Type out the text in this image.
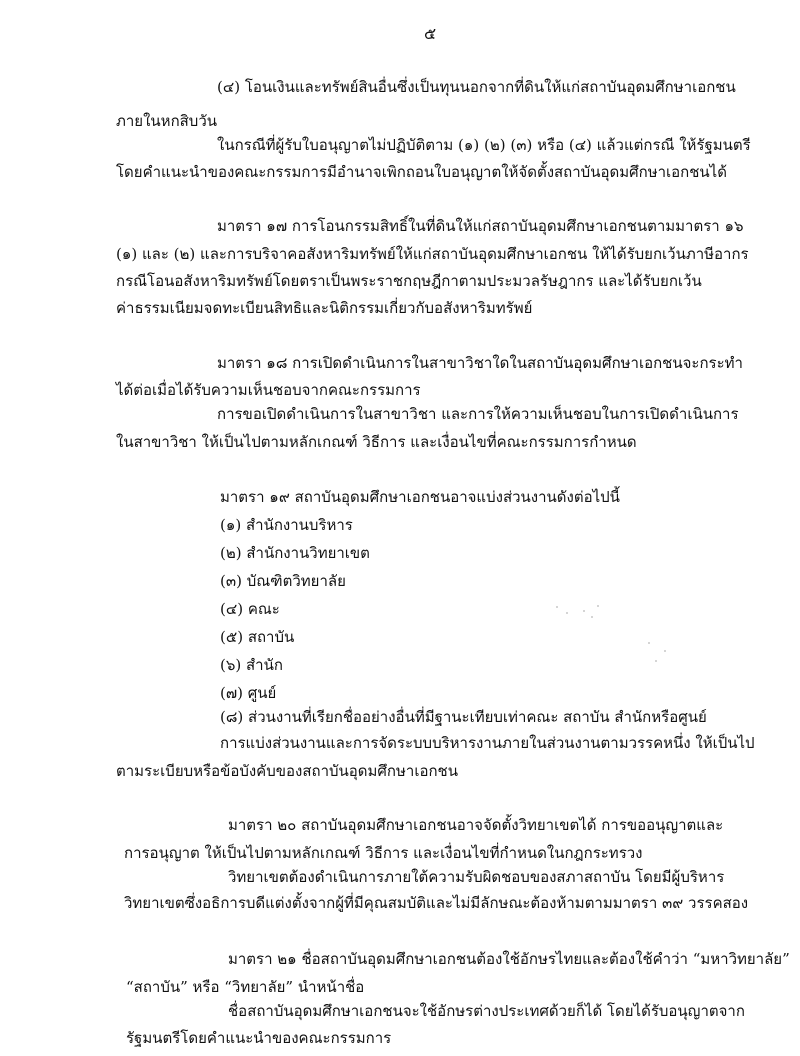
๕
(๔) โอนเงินและทรัพย์สินอื่นซึ่งเป็นทุนนอกจากที่ดินให้แก่สถาบันอุดมศึกษาเอกชน
ภายในหกสิบวัน
ในกรณีที่ผู้รับใบอนุญาตไม่ปฏิบัติตาม (๑) (๒) (๓) หรือ (๔) แล้วแต่กรณี ให้รัฐมนตรี
โดยคำแนะนำของคณะกรรมการมีอำนาจเพิกถอนใบอนุญาตให้จัดตั้งสถาบันอุดมศึกษาเอกชนได้
มาตรา ๑๗ การโอนกรรมสิทธิ์ในที่ดินให้แก่สถาบันอุดมศึกษาเอกชนตามมาตรา ๑๖
(๑) และ (๒) และการบริจาคอสังหาริมทรัพย์ให้แก่สถาบันอุดมศึกษาเอกชน ให้ได้รับยกเว้นภาษีอากร
กรณีโอนอสังหาริมทรัพย์โดยตราเป็นพระราชกฤษฎีกาตามประมวลรัษฎากร และได้รับยกเว้น
ค่าธรรมเนียมจดทะเบียนสิทธิและนิติกรรมเกี่ยวกับอสังหาริมทรัพย์
มาตรา ๑๘ การเปิดดำเนินการในสาขาวิชาใดในสถาบันอุดมศึกษาเอกชนจะกระทำ
ได้ต่อเมื่อได้รับความเห็นชอบจากคณะกรรมการ
การขอเปิดดำเนินการในสาขาวิชา และการให้ความเห็นชอบในการเปิดดำเนินการ
ในสาขาวิชา ให้เป็นไปตามหลักเกณฑ์ วิธีการ และเงื่อนไขที่คณะกรรมการกำหนด
มาตรา ๑๙ สถาบันอุดมศึกษาเอกชนอาจแบ่งส่วนงานดังต่อไปนี้
(๑) สำนักงานบริหาร
(๒) สำนักงานวิทยาเขต
(๓) บัณฑิตวิทยาลัย
(๔) คณะ
(๕) สถาบัน
(๖) สำนัก
(๗) ศูนย์
(๘) ส่วนงานที่เรียกชื่ออย่างอื่นที่มีฐานะเทียบเท่าคณะ สถาบัน สำนักหรือศูนย์
การแบ่งส่วนงานและการจัดระบบบริหารงานภายในส่วนงานตามวรรคหนึ่ง ให้เป็นไป
ตามระเบียบหรือข้อบังคับของสถาบันอุดมศึกษาเอกชน
มาตรา ๒๐ สถาบันอุดมศึกษาเอกชนอาจจัดตั้งวิทยาเขตได้ การขออนุญาตและ
การอนุญาต ให้เป็นไปตามหลักเกณฑ์ วิธีการ และเงื่อนไขที่กำหนดในกฎกระทรวง
วิทยาเขตต้องดำเนินการภายใต้ความรับผิดชอบของสภาสถาบัน โดยมีผู้บริหาร
วิทยาเขตซึ่งอธิการบดีแต่งตั้งจากผู้ที่มีคุณสมบัติและไม่มีลักษณะต้องห้ามตามมาตรา ๓๙ วรรคสอง
มาตรา ๒๑ ชื่อสถาบันอุดมศึกษาเอกชนต้องใช้อักษรไทยและต้องใช้คำว่า “มหาวิทยาลัย”
“สถาบัน” หรือ “วิทยาลัย” นำหน้าชื่อ
ชื่อสถาบันอุดมศึกษาเอกชนจะใช้อักษรต่างประเทศด้วยก็ได้ โดยได้รับอนุญาตจาก
รัฐมนตรีโดยคำแนะนำของคณะกรรมการ
